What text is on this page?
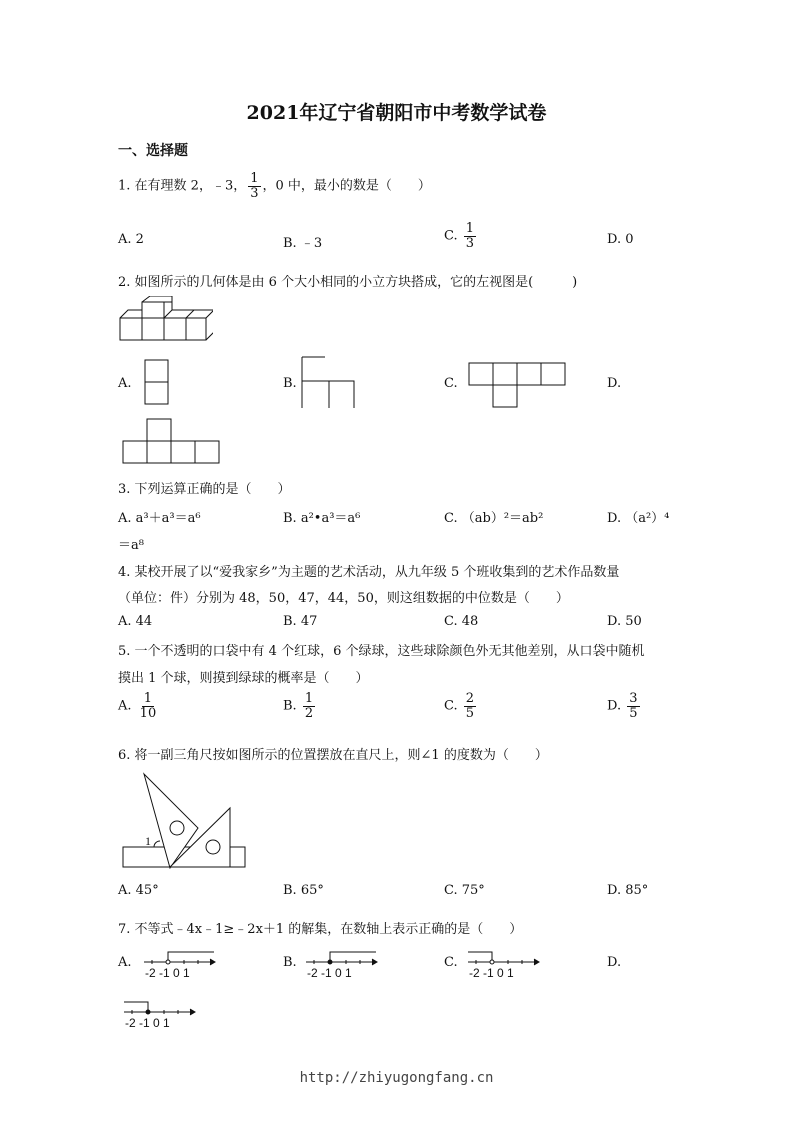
2021年辽宁省朝阳市中考数学试卷
一、选择题
1. 在有理数 2，﹣3， $\frac{1}{3}$ ，0 中，最小的数是（　　）
A. 2	B. ﹣3	C. $\frac{1}{3}$	D. 0
2. 如图所示的几何体是由 6 个大小相同的小立方块搭成，它的左视图是(　　　)
A.	B.	C.	D.
3. 下列运算正确的是（　　）
A. a³＋a³＝a⁶	B. a²•a³＝a⁶	C. （ab）²＝ab²	D. （a²）⁴
＝a⁸
4. 某校开展了以“爱我家乡”为主题的艺术活动，从九年级 5 个班收集到的艺术作品数量
（单位：件）分别为 48，50，47，44，50，则这组数据的中位数是（　　）
A. 44	B. 47	C. 48	D. 50
5. 一个不透明的口袋中有 4 个红球，6 个绿球，这些球除颜色外无其他差别，从口袋中随机
摸出 1 个球，则摸到绿球的概率是（　　）
A. $\frac{1}{10}$	B. $\frac{1}{2}$	C. $\frac{2}{5}$	D. $\frac{3}{5}$
6. 将一副三角尺按如图所示的位置摆放在直尺上，则∠1 的度数为（　　）
1
A. 45°	B. 65°	C. 75°	D. 85°
7. 不等式﹣4x﹣1≥﹣2x＋1 的解集，在数轴上表示正确的是（　　）
A.
-2 -1 0 1
B.
-2 -1 0 1
C.
-2 -1 0 1
D.
-2 -1 0 1
http://zhiyugongfang.cn
